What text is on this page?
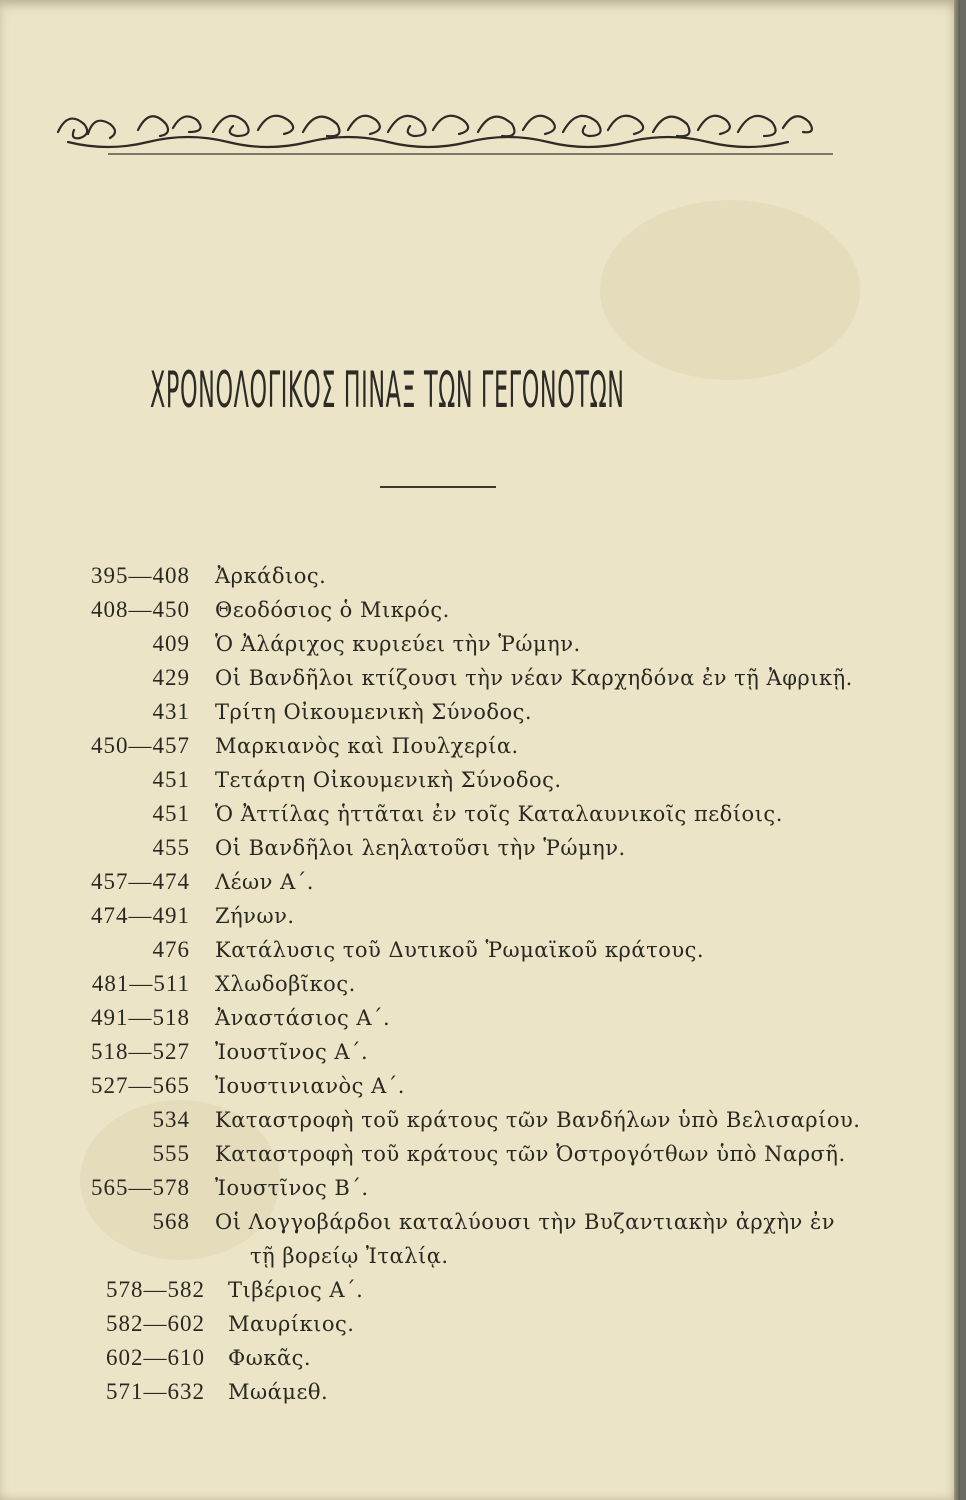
ΧΡΟΝΟΛΟΓΙΚΟΣ ΠΙΝΑΞ ΤΩΝ ΓΕΓΟΝΟΤΩΝ
395—408 Ἀρκάδιος.
408—450 Θεοδόσιος ὁ Μικρός.
409 Ὁ Ἀλάριχος κυριεύει τὴν Ῥώμην.
429 Οἱ Βανδῆλοι κτίζουσι τὴν νέαν Καρχηδόνα ἐν τῇ Ἀφρικῇ.
431 Τρίτη Οἰκουμενικὴ Σύνοδος.
450—457 Μαρκιανὸς καὶ Πουλχερία.
451 Τετάρτη Οἰκουμενικὴ Σύνοδος.
451 Ὁ Ἀττίλας ἡττᾶται ἐν τοῖς Καταλαυνικοῖς πεδίοις.
455 Οἱ Βανδῆλοι λεηλατοῦσι τὴν Ῥώμην.
457—474 Λέων Α΄.
474—491 Ζήνων.
476 Κατάλυσις τοῦ Δυτικοῦ Ῥωμαϊκοῦ κράτους.
481—511 Χλωδοβῖκος.
491—518 Ἀναστάσιος Α΄.
518—527 Ἰουστῖνος Α΄.
527—565 Ἰουστινιανὸς Α΄.
534 Καταστροφὴ τοῦ κράτους τῶν Βανδήλων ὑπὸ Βελισαρίου.
555 Καταστροφὴ τοῦ κράτους τῶν Ὀστρογότθων ὑπὸ Ναρσῆ.
565—578 Ἰουστῖνος Β΄.
568 Οἱ Λογγοβάρδοι καταλύουσι τὴν Βυζαντιακὴν ἀρχὴν ἐν
τῇ βορείῳ Ἰταλίᾳ.
578—582 Τιβέριος Α΄.
582—602 Μαυρίκιος.
602—610 Φωκᾶς.
571—632 Μωάμεθ.
